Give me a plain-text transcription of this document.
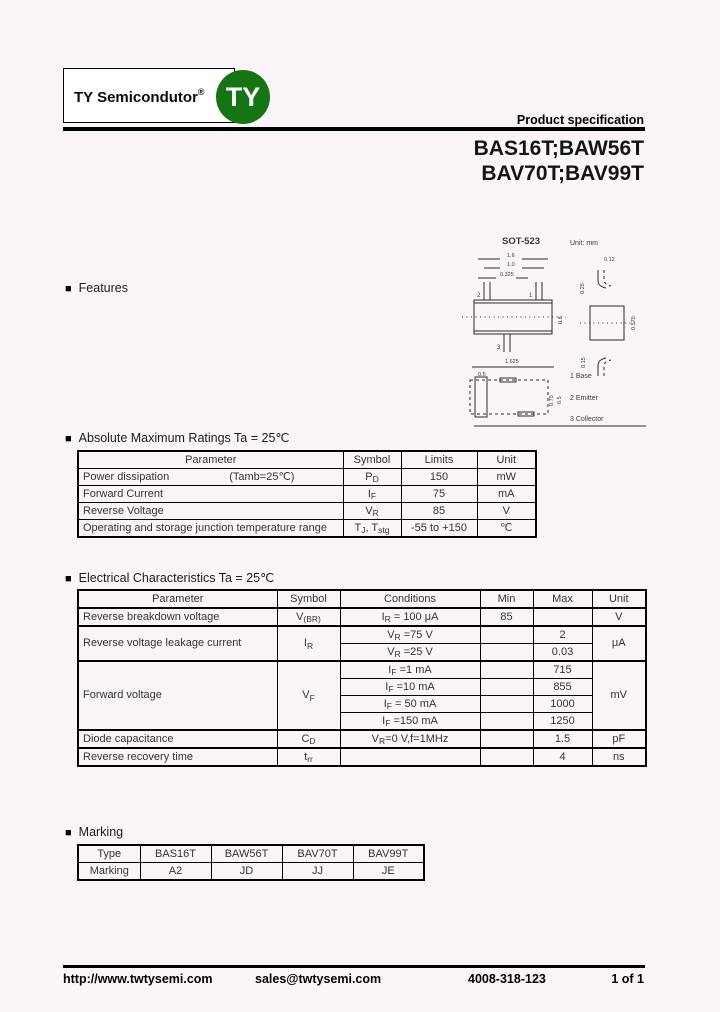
TY Semicondutor® TY
Product specification
BAS16T;BAW56T
BAV70T;BAV99T
■ Features
■ Absolute Maximum Ratings Ta = 25℃
■ Electrical Characteristics Ta = 25℃
■ Marking
SOT-523	Unit: mm
1.6
1.0
0.325
2	1
3
0.8
1.625
0.12
0.25
0.575
0.15
0.5
0.75 0.5
1 Base
2 Emitter
3 Collector
Parameter	Symbol	Limits	Unit
Power dissipation (Tamb=25℃)	$P_D$	150	mW
Forward Current	$I_F$	75	mA
Reverse Voltage	$V_R$	85	V
Operating and storage junction temperature range	$T_J$, $T_{stg}$	-55 to +150	℃
Parameter	Symbol	Conditions	Min	Max	Unit
Reverse breakdown voltage	$V_{(BR)}$	$I_R = 100$ μA	85		V
Reverse voltage leakage current	$I_R$	$V_R =75$ V		2	μA
		$V_R =25$ V		0.03	
Forward voltage	$V_F$	$I_F =1$ mA		715	mV
		$I_F =10$ mA		855	
		$I_F = 50$ mA		1000	
		$I_F =150$ mA		1250	
Diode capacitance	$C_D$	$V_R=0$ V,f=1MHz		1.5	pF
Reverse recovery time	$t_{rr}$			4	ns
Type	BAS16T	BAW56T	BAV70T	BAV99T
Marking	A2	JD	JJ	JE
http://www.twtysemi.com	sales@twtysemi.com	4008-318-123	1 of 1
